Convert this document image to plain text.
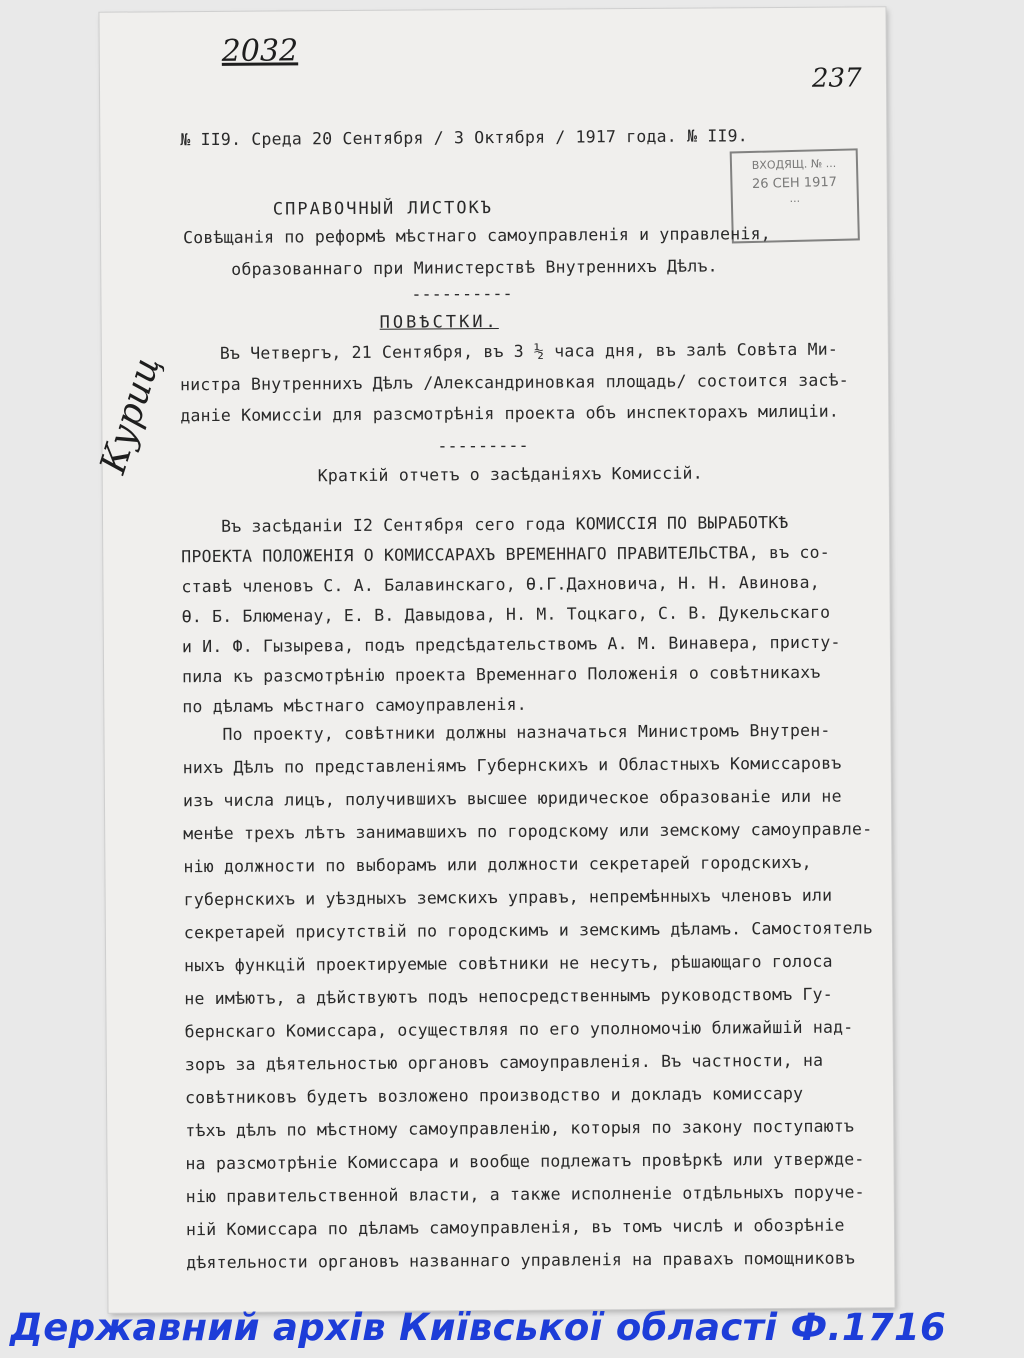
2032
237
Куриц
ВХОДЯЩ. № ...
26 СЕН 1917
...
№ II9. Среда 20 Сентября / 3 Октября / 1917 года. № II9.
СПРАВОЧНЫЙ ЛИСТОКЪ
Совѣщанія по реформѣ мѣстнаго самоуправленія и управленія,
образованнаго при Министерствѣ Внутреннихъ Дѣлъ.
----------
ПОВѢСТКИ.
Въ Четвергъ, 21 Сентября, въ 3 ½ часа дня, въ залѣ Совѣта Ми-
нистра Внутреннихъ Дѣлъ /Александриновкая площадь/ состоится засѣ-
даніе Комиссіи для разсмотрѣнія проекта объ инспекторахъ милиціи.
---------
Краткій отчетъ о засѣданіяхъ Комиссій.
Въ засѣданіи I2 Сентября сего года КОМИССІЯ ПО ВЫРАБОТКѢ
ПРОЕКТА ПОЛОЖЕНІЯ О КОМИССАРАХЪ ВРЕМЕННАГО ПРАВИТЕЛЬСТВА, въ со-
ставѣ членовъ С. А. Балавинскаго, Ѳ.Г.Дахновича, Н. Н. Авинова,
Ѳ. Б. Блюменау, Е. В. Давыдова, Н. М. Тоцкаго, С. В. Дукельскаго
и И. Ф. Гызырева, подъ предсѣдательствомъ А. М. Винавера, присту-
пила къ разсмотрѣнію проекта Временнаго Положенія о совѣтникахъ
по дѣламъ мѣстнаго самоуправленія.
По проекту, совѣтники должны назначаться Министромъ Внутрен-
нихъ Дѣлъ по представленіямъ Губернскихъ и Областныхъ Комиссаровъ
изъ числа лицъ, получившихъ высшее юридическое образованіе или не
менѣе трехъ лѣтъ занимавшихъ по городскому или земскому самоуправле-
нію должности по выборамъ или должности секретарей городскихъ,
губернскихъ и уѣздныхъ земскихъ управъ, непремѣнныхъ членовъ или
секретарей присутствій по городскимъ и земскимъ дѣламъ. Самостоятель
ныхъ функцій проектируемые совѣтники не несутъ, рѣшающаго голоса
не имѣютъ, а дѣйствуютъ подъ непосредственнымъ руководствомъ Гу-
бернскаго Комиссара, осуществляя по его уполномочію ближайшій над-
зоръ за дѣятельностью органовъ самоуправленія. Въ частности, на
совѣтниковъ будетъ возложено производство и докладъ комиссару
тѣхъ дѣлъ по мѣстному самоуправленію, которыя по закону поступаютъ
на разсмотрѣніе Комиссара и вообще подлежатъ провѣркѣ или утвержде-
нію правительственной власти, а также исполненіе отдѣльныхъ поруче-
ній Комиссара по дѣламъ самоуправленія, въ томъ числѣ и обозрѣніе
дѣятельности органовъ названнаго управленія на правахъ помощниковъ
Державний архів Київської області Ф.1716
